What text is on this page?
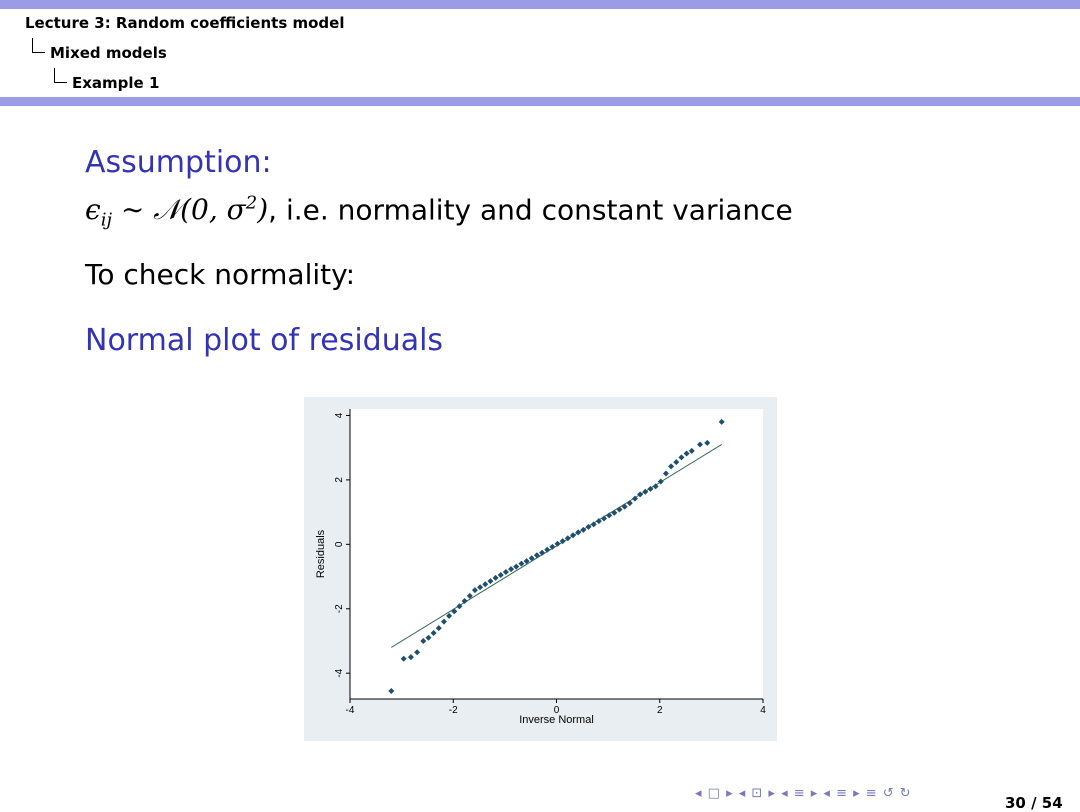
Lecture 3: Random coefficients model
Mixed models
Example 1
Assumption:
$\epsilon_{ij}$ ∼ 𝒩(0, $\sigma^2$), i.e. normality and constant variance
To check normality:
Normal plot of residuals
-4	-2	0	2	4
-4
-2
0
2
4
Inverse Normal
Residuals
◂ □ ▸ ◂ ⊡ ▸ ◂ ≡ ▸ ◂ ≡ ▸ ≡ ↺ ↻
30 / 54
